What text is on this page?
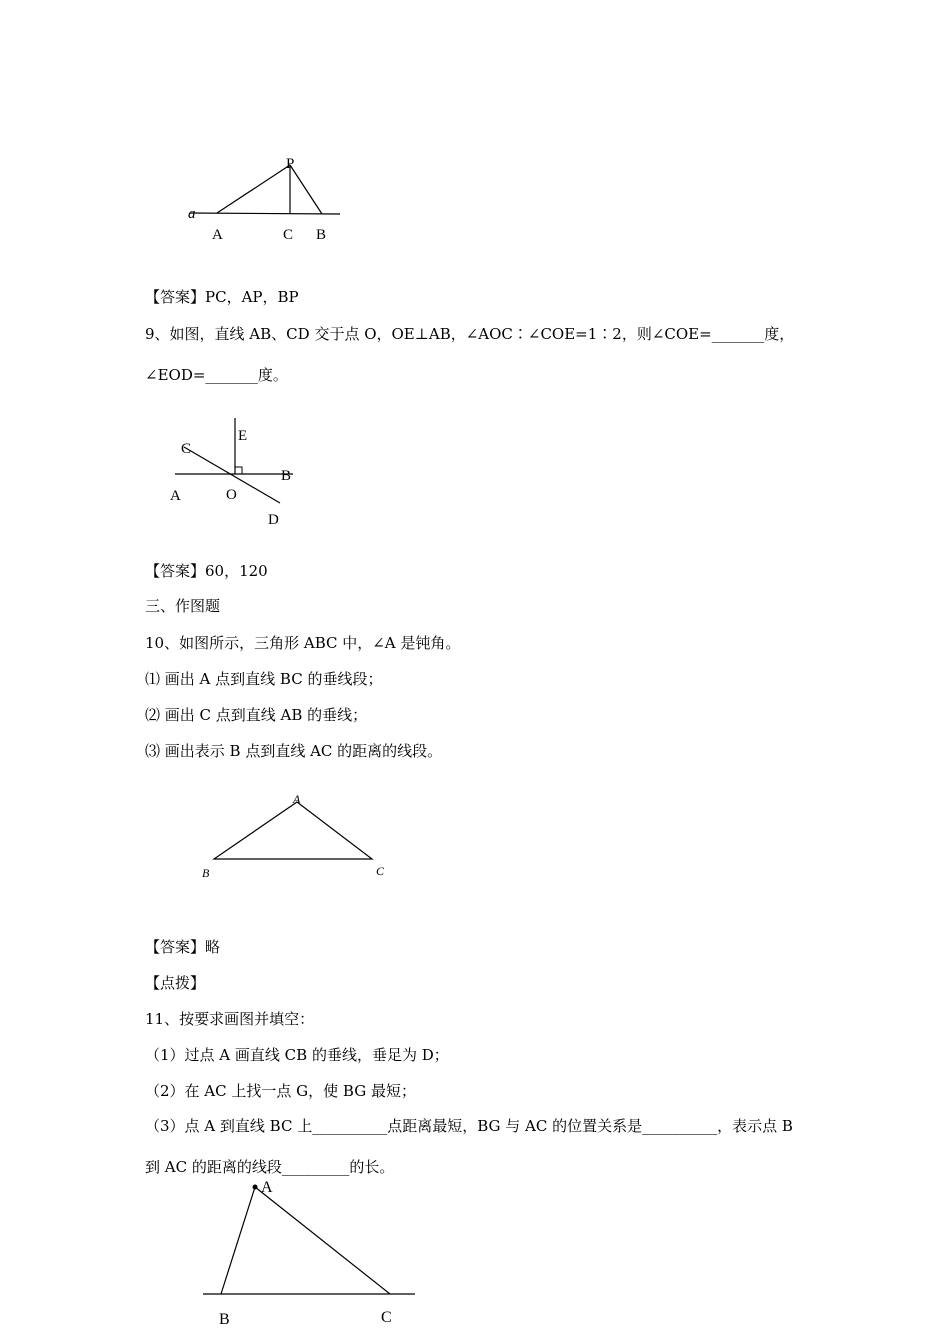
P
a
A	C B
【答案】PC，AP，BP
9、如图，直线 AB、CD 交于点 O，OE⊥AB，∠AOC∶∠COE=1∶2，则∠COE=_______度，
∠EOD=_______度。
C
E
B
A	O
D
【答案】60，120
三、作图题
10、如图所示，三角形 ABC 中，∠A 是钝角。
⑴ 画出 A 点到直线 BC 的垂线段；
⑵ 画出 C 点到直线 AB 的垂线；
⑶ 画出表示 B 点到直线 AC 的距离的线段。
A
B	C
【答案】略
【点拨】
11、按要求画图并填空：
（1）过点 A 画直线 CB 的垂线，垂足为 D；
（2）在 AC 上找一点 G，使 BG 最短；
（3）点 A 到直线 BC 上__________点距离最短，BG 与 AC 的位置关系是__________，表示点 B
到 AC 的距离的线段_________的长。
A
B	C
